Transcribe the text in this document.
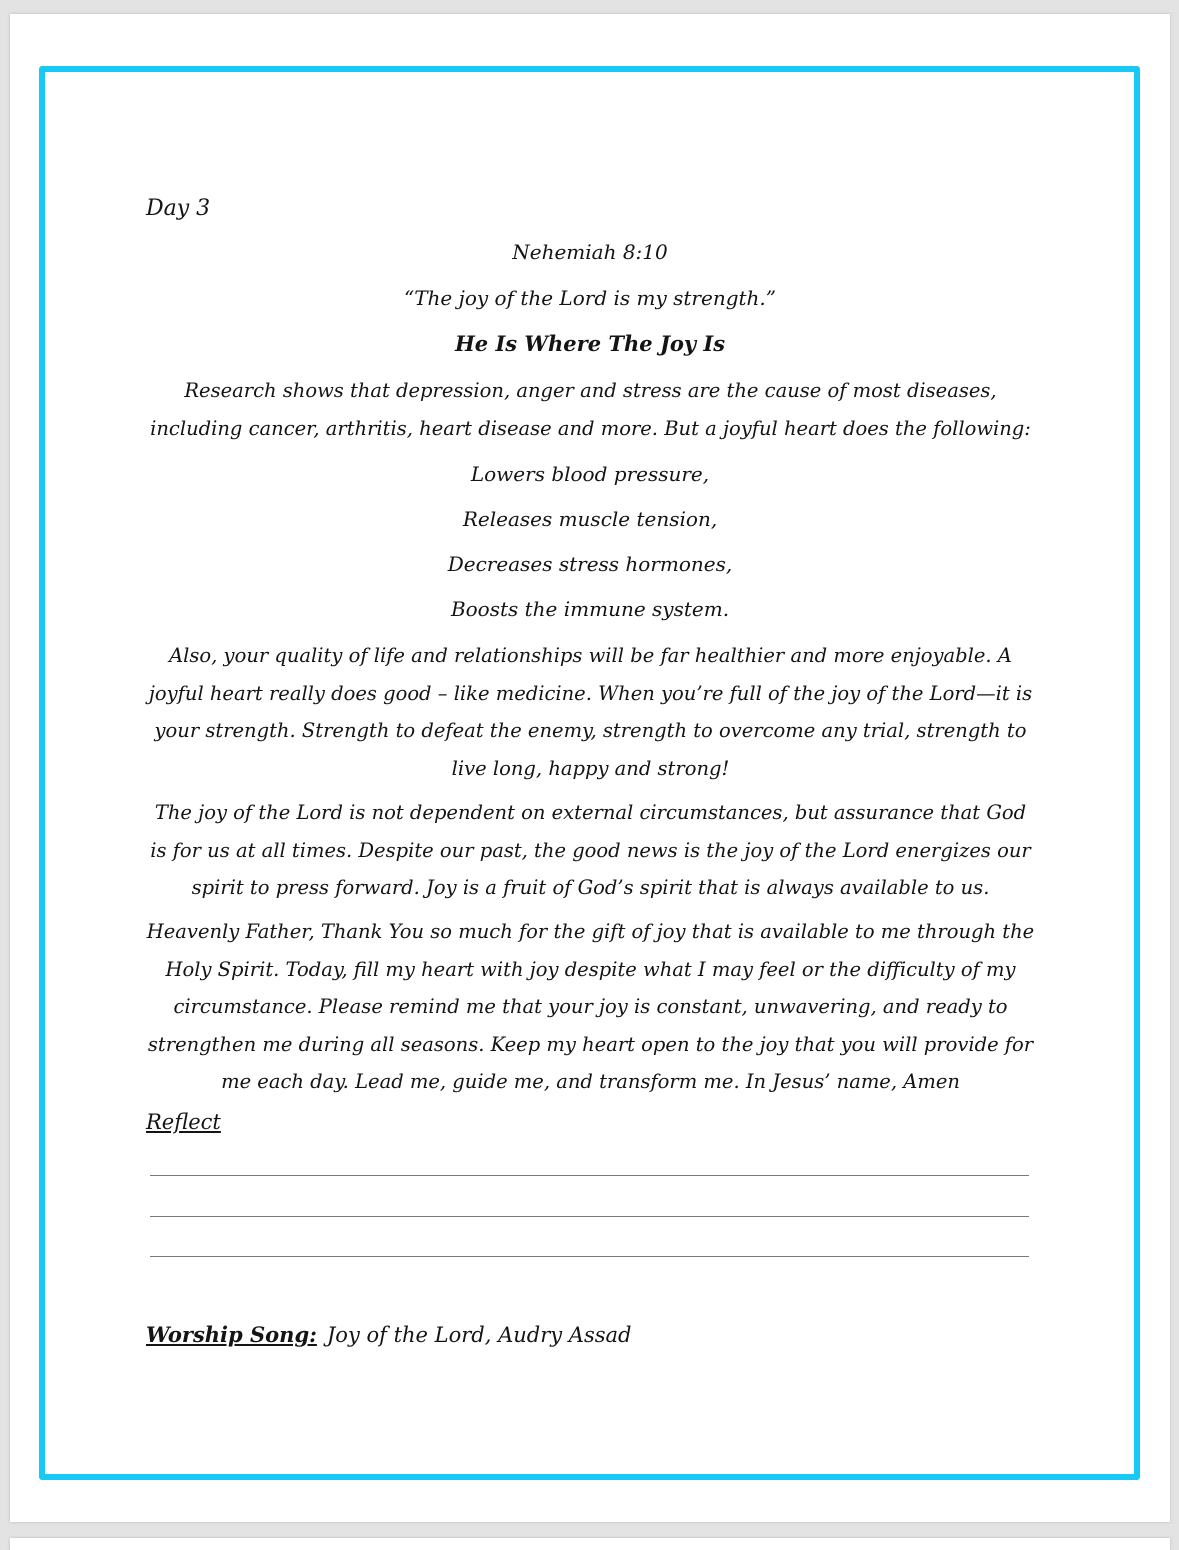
Day 3

Nehemiah 8:10

“The joy of the Lord is my strength.”

He Is Where The Joy Is

Research shows that depression, anger and stress are the cause of most diseases, including cancer, arthritis, heart disease and more. But a joyful heart does the following:

Lowers blood pressure,

Releases muscle tension,

Decreases stress hormones,

Boosts the immune system.

Also, your quality of life and relationships will be far healthier and more enjoyable. A joyful heart really does good – like medicine. When you’re full of the joy of the Lord—it is your strength. Strength to defeat the enemy, strength to overcome any trial, strength to live long, happy and strong!

The joy of the Lord is not dependent on external circumstances, but assurance that God is for us at all times. Despite our past, the good news is the joy of the Lord energizes our spirit to press forward. Joy is a fruit of God’s spirit that is always available to us.

Heavenly Father, Thank You so much for the gift of joy that is available to me through the Holy Spirit. Today, fill my heart with joy despite what I may feel or the difficulty of my circumstance. Please remind me that your joy is constant, unwavering, and ready to strengthen me during all seasons. Keep my heart open to the joy that you will provide for me each day. Lead me, guide me, and transform me. In Jesus’ name, Amen

Reflect

Worship Song: Joy of the Lord, Audry Assad
